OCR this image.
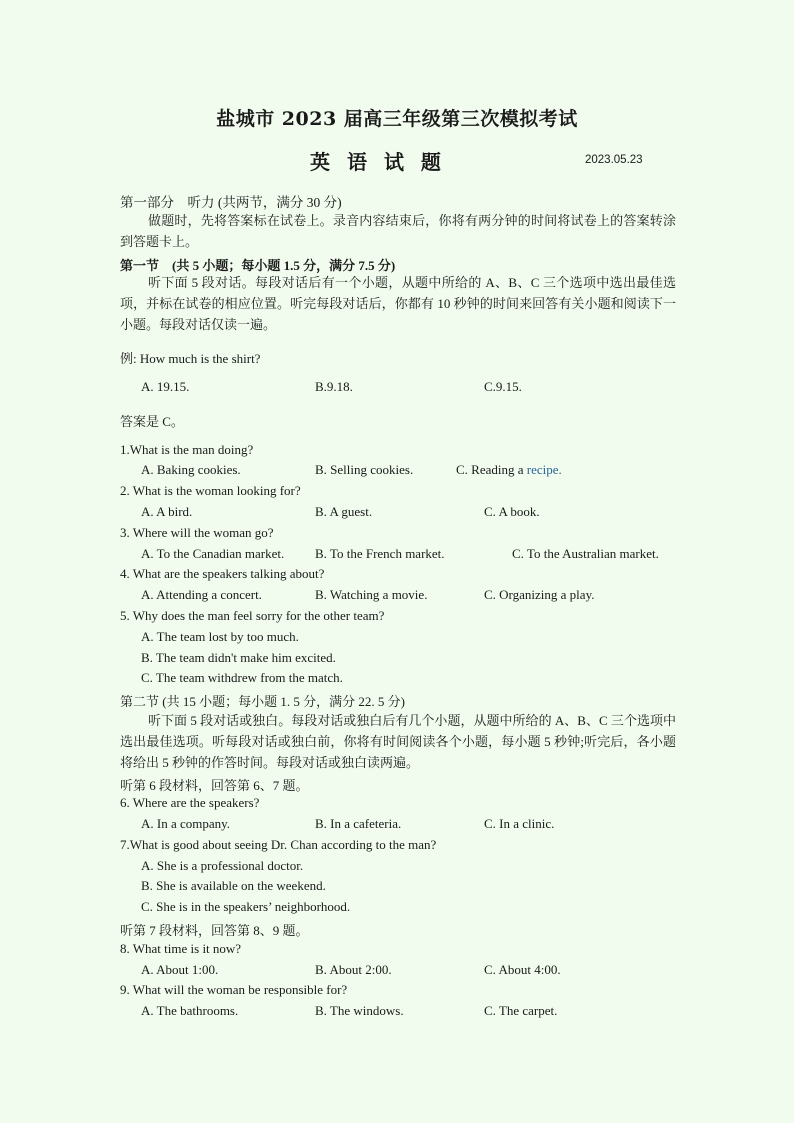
盐城市 2023 届高三年级第三次模拟考试
英 语 试 题	2023.05.23
第一部分　听力 (共两节，满分 30 分)
做题时，先将答案标在试卷上。录音内容结束后，你将有两分钟的时间将试卷上的答案转涂到答题卡上。
第一节　(共 5 小题；每小题 1.5 分，满分 7.5 分)
听下面 5 段对话。每段对话后有一个小题，从题中所给的 A、B、C 三个选项中选出最佳选项，并标在试卷的相应位置。听完每段对话后，你都有 10 秒钟的时间来回答有关小题和阅读下一小题。每段对话仅读一遍。
例: How much is the shirt?
A. 19.15.	B.9.18.	C.9.15.
答案是 C。
1.What is the man doing?
A. Baking cookies.	B. Selling cookies.	C. Reading a recipe.
2. What is the woman looking for?
A. A bird.	B. A guest.	C. A book.
3. Where will the woman go?
A. To the Canadian market. B. To the French market.	C. To the Australian market.
4. What are the speakers talking about?
A. Attending a concert.	B. Watching a movie.	C. Organizing a play.
5. Why does the man feel sorry for the other team?
A. The team lost by too much.
B. The team didn't make him excited.
C. The team withdrew from the match.
第二节 (共 15 小题；每小题 1. 5 分，满分 22. 5 分)
听下面 5 段对话或独白。每段对话或独白后有几个小题，从题中所给的 A、B、C 三个选项中选出最佳选项。听每段对话或独白前，你将有时间阅读各个小题，每小题 5 秒钟;听完后，各小题将给出 5 秒钟的作答时间。每段对话或独白读两遍。
听第 6 段材料，回答第 6、7 题。
6. Where are the speakers?
A. In a company.	B. In a cafeteria.	C. In a clinic.
7.What is good about seeing Dr. Chan according to the man?
A. She is a professional doctor.
B. She is available on the weekend.
C. She is in the speakers’ neighborhood.
听第 7 段材料，回答第 8、9 题。
8. What time is it now?
A. About 1:00.	B. About 2:00.	C. About 4:00.
9. What will the woman be responsible for?
A. The bathrooms.	B. The windows.	C. The carpet.
